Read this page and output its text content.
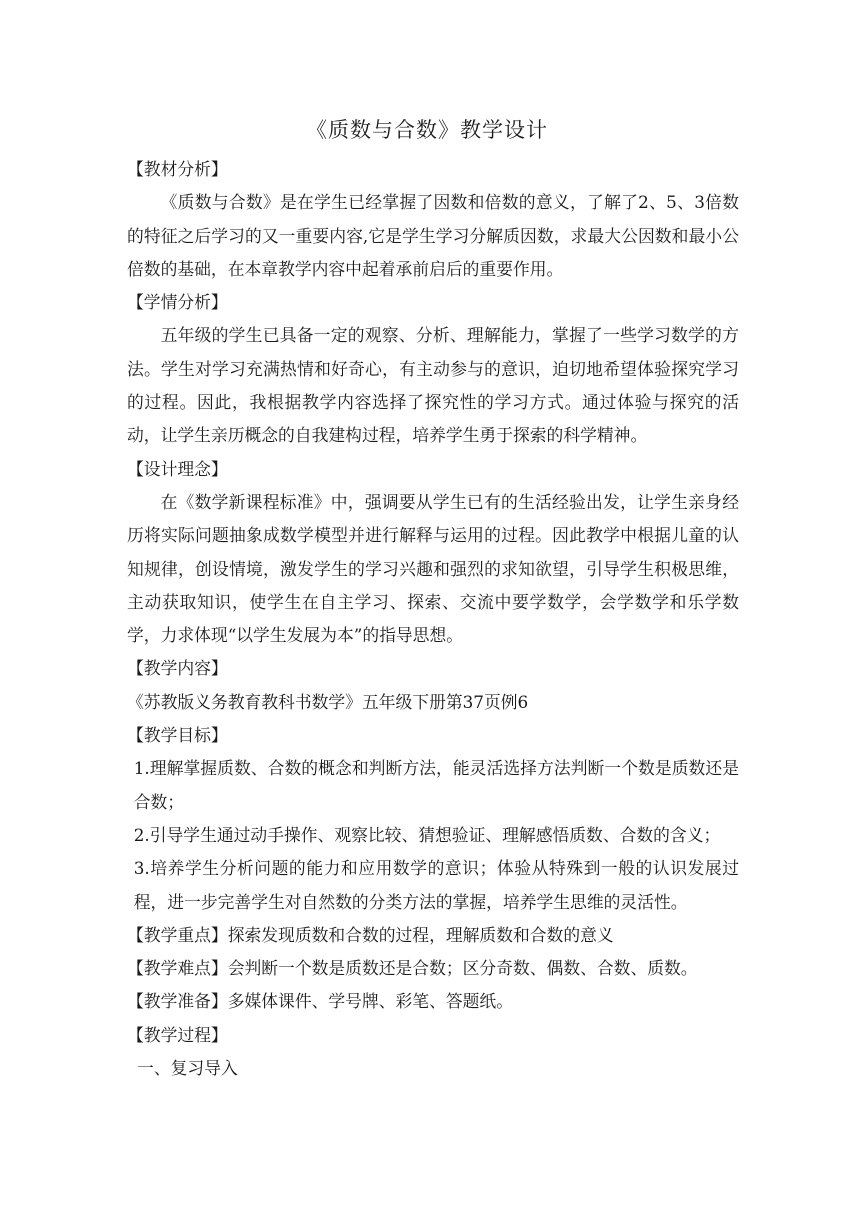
《质数与合数》教学设计
【教材分析】
《质数与合数》是在学生已经掌握了因数和倍数的意义，了解了2、5、3倍数的特征之后学习的又一重要内容,它是学生学习分解质因数，求最大公因数和最小公倍数的基础，在本章教学内容中起着承前启后的重要作用。
【学情分析】
五年级的学生已具备一定的观察、分析、理解能力，掌握了一些学习数学的方法。学生对学习充满热情和好奇心，有主动参与的意识，迫切地希望体验探究学习的过程。因此，我根据教学内容选择了探究性的学习方式。通过体验与探究的活动，让学生亲历概念的自我建构过程，培养学生勇于探索的科学精神。
【设计理念】
在《数学新课程标准》中，强调要从学生已有的生活经验出发，让学生亲身经历将实际问题抽象成数学模型并进行解释与运用的过程。因此教学中根据儿童的认知规律，创设情境，激发学生的学习兴趣和强烈的求知欲望，引导学生积极思维，主动获取知识，使学生在自主学习、探索、交流中要学数学，会学数学和乐学数学，力求体现“以学生发展为本”的指导思想。
【教学内容】
《苏教版义务教育教科书数学》五年级下册第37页例6
【教学目标】
1.理解掌握质数、合数的概念和判断方法，能灵活选择方法判断一个数是质数还是合数；
2.引导学生通过动手操作、观察比较、猜想验证、理解感悟质数、合数的含义；
3.培养学生分析问题的能力和应用数学的意识；体验从特殊到一般的认识发展过程，进一步完善学生对自然数的分类方法的掌握，培养学生思维的灵活性。
【教学重点】探索发现质数和合数的过程，理解质数和合数的意义
【教学难点】会判断一个数是质数还是合数；区分奇数、偶数、合数、质数。
【教学准备】多媒体课件、学号牌、彩笔、答题纸。
【教学过程】
一、复习导入
